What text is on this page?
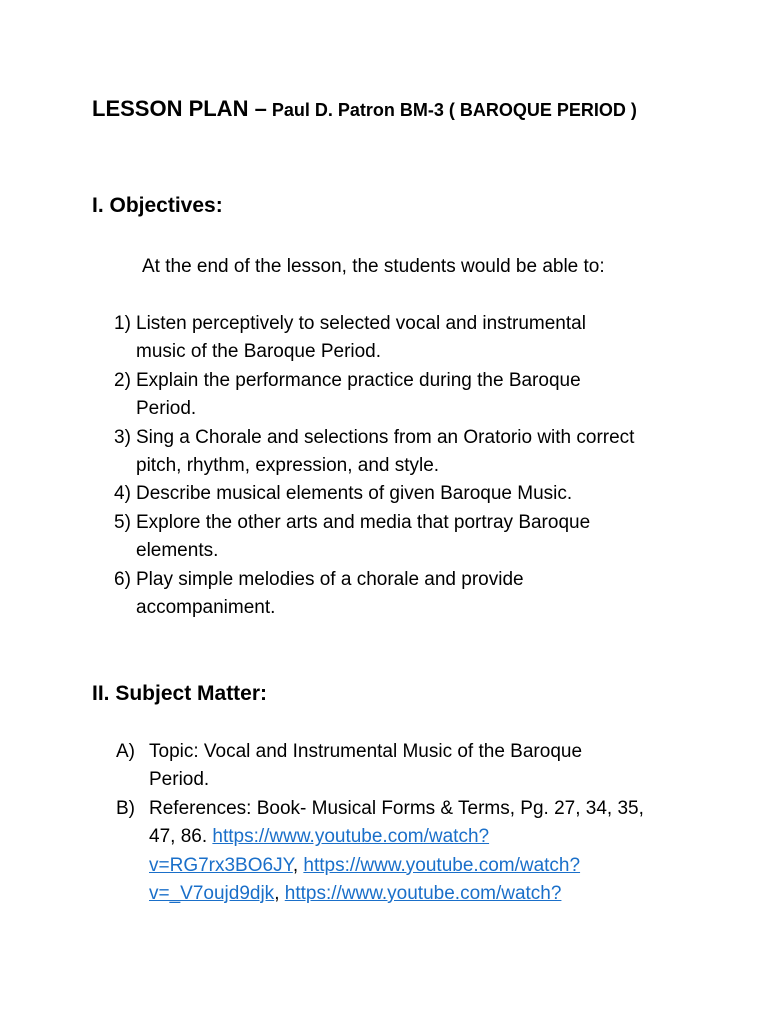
LESSON PLAN – Paul D. Patron BM-3 ( BAROQUE PERIOD )
I. Objectives:
At the end of the lesson, the students would be able to:
1) Listen perceptively to selected vocal and instrumental
music of the Baroque Period.
2) Explain the performance practice during the Baroque
Period.
3) Sing a Chorale and selections from an Oratorio with correct
pitch, rhythm, expression, and style.
4) Describe musical elements of given Baroque Music.
5) Explore the other arts and media that portray Baroque
elements.
6) Play simple melodies of a chorale and provide
accompaniment.
II. Subject Matter:
A) Topic: Vocal and Instrumental Music of the Baroque
Period.
B) References: Book- Musical Forms & Terms, Pg. 27, 34, 35,
47, 86. https://www.youtube.com/watch?
v=RG7rx3BO6JY, https://www.youtube.com/watch?
v=_V7oujd9djk, https://www.youtube.com/watch?
